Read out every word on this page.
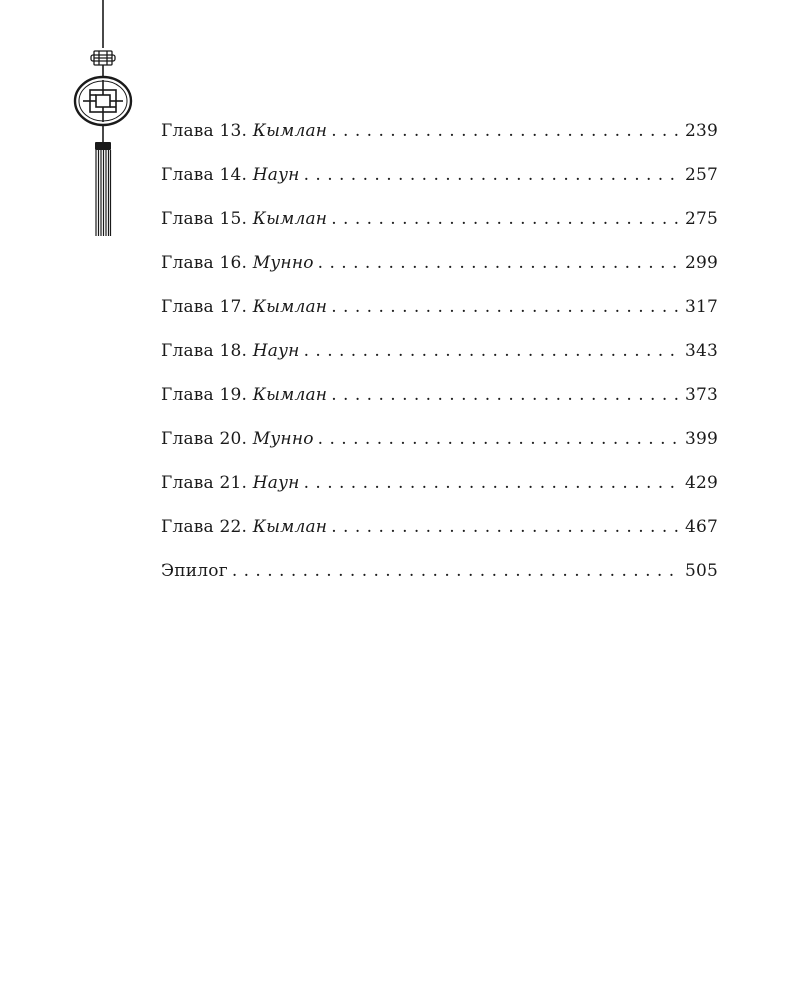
Глава 13. Кымлан . . .	239
Глава 14. Наун . . .	257
Глава 15. Кымлан . . .	275
Глава 16. Мунно . . .	299
Глава 17. Кымлан . . .	317
Глава 18. Наун . . .	343
Глава 19. Кымлан . . .	373
Глава 20. Мунно . . .	399
Глава 21. Наун . . .	429
Глава 22. Кымлан . . .	467
Эпилог . . .	505
